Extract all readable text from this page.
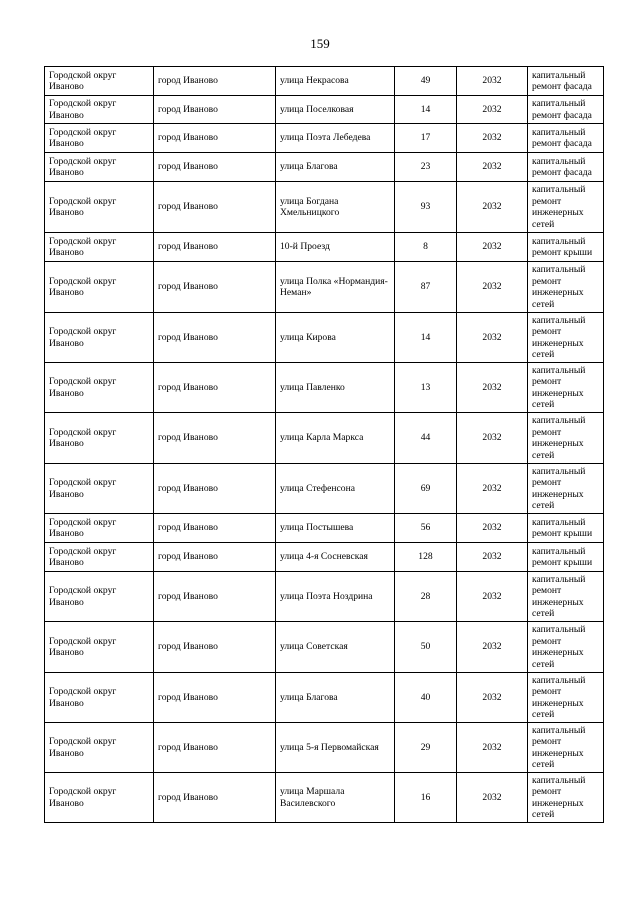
159
Городской округ Иваново	город Иваново	улица Некрасова	49	2032	капитальный ремонт фасада
Городской округ Иваново	город Иваново	улица Поселковая	14	2032	капитальный ремонт фасада
Городской округ Иваново	город Иваново	улица Поэта Лебедева	17	2032	капитальный ремонт фасада
Городской округ Иваново	город Иваново	улица Благова	23	2032	капитальный ремонт фасада
Городской округ Иваново	город Иваново	улица Богдана Хмельницкого	93	2032	капитальный ремонт инженерных сетей
Городской округ Иваново	город Иваново	10-й Проезд	8	2032	капитальный ремонт крыши
Городской округ Иваново	город Иваново	улица Полка «Нормандия-Неман»	87	2032	капитальный ремонт инженерных сетей
Городской округ Иваново	город Иваново	улица Кирова	14	2032	капитальный ремонт инженерных сетей
Городской округ Иваново	город Иваново	улица Павленко	13	2032	капитальный ремонт инженерных сетей
Городской округ Иваново	город Иваново	улица Карла Маркса	44	2032	капитальный ремонт инженерных сетей
Городской округ Иваново	город Иваново	улица Стефенсона	69	2032	капитальный ремонт инженерных сетей
Городской округ Иваново	город Иваново	улица Постышева	56	2032	капитальный ремонт крыши
Городской округ Иваново	город Иваново	улица 4-я Сосневская	128	2032	капитальный ремонт крыши
Городской округ Иваново	город Иваново	улица Поэта Ноздрина	28	2032	капитальный ремонт инженерных сетей
Городской округ Иваново	город Иваново	улица Советская	50	2032	капитальный ремонт инженерных сетей
Городской округ Иваново	город Иваново	улица Благова	40	2032	капитальный ремонт инженерных сетей
Городской округ Иваново	город Иваново	улица 5-я Первомайская	29	2032	капитальный ремонт инженерных сетей
Городской округ Иваново	город Иваново	улица Маршала Василевского	16	2032	капитальный ремонт инженерных сетей
